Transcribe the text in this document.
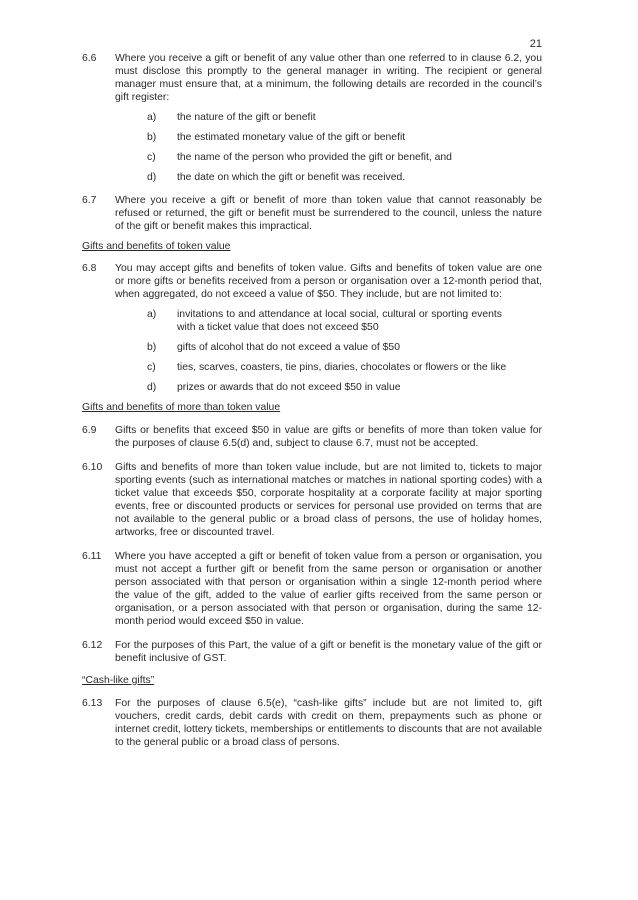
21
6.6	Where you receive a gift or benefit of any value other than one referred to in clause 6.2, you must disclose this promptly to the general manager in writing. The recipient or general manager must ensure that, at a minimum, the following details are recorded in the council’s gift register:
a)	the nature of the gift or benefit
b)	the estimated monetary value of the gift or benefit
c)	the name of the person who provided the gift or benefit, and
d)	the date on which the gift or benefit was received.
6.7	Where you receive a gift or benefit of more than token value that cannot reasonably be refused or returned, the gift or benefit must be surrendered to the council, unless the nature of the gift or benefit makes this impractical.

Gifts and benefits of token value

6.8	You may accept gifts and benefits of token value. Gifts and benefits of token value are one or more gifts or benefits received from a person or organisation over a 12-month period that, when aggregated, do not exceed a value of $50. They include, but are not limited to:
a)	invitations to and attendance at local social, cultural or sporting events with a ticket value that does not exceed $50
b)	gifts of alcohol that do not exceed a value of $50
c)	ties, scarves, coasters, tie pins, diaries, chocolates or flowers or the like
d)	prizes or awards that do not exceed $50 in value

Gifts and benefits of more than token value

6.9	Gifts or benefits that exceed $50 in value are gifts or benefits of more than token value for the purposes of clause 6.5(d) and, subject to clause 6.7, must not be accepted.
6.10	Gifts and benefits of more than token value include, but are not limited to, tickets to major sporting events (such as international matches or matches in national sporting codes) with a ticket value that exceeds $50, corporate hospitality at a corporate facility at major sporting events, free or discounted products or services for personal use provided on terms that are not available to the general public or a broad class of persons, the use of holiday homes, artworks, free or discounted travel.
6.11	Where you have accepted a gift or benefit of token value from a person or organisation, you must not accept a further gift or benefit from the same person or organisation or another person associated with that person or organisation within a single 12-month period where the value of the gift, added to the value of earlier gifts received from the same person or organisation, or a person associated with that person or organisation, during the same 12-month period would exceed $50 in value.
6.12	For the purposes of this Part, the value of a gift or benefit is the monetary value of the gift or benefit inclusive of GST.

“Cash-like gifts”

6.13	For the purposes of clause 6.5(e), “cash-like gifts” include but are not limited to, gift vouchers, credit cards, debit cards with credit on them, prepayments such as phone or internet credit, lottery tickets, memberships or entitlements to discounts that are not available to the general public or a broad class of persons.
